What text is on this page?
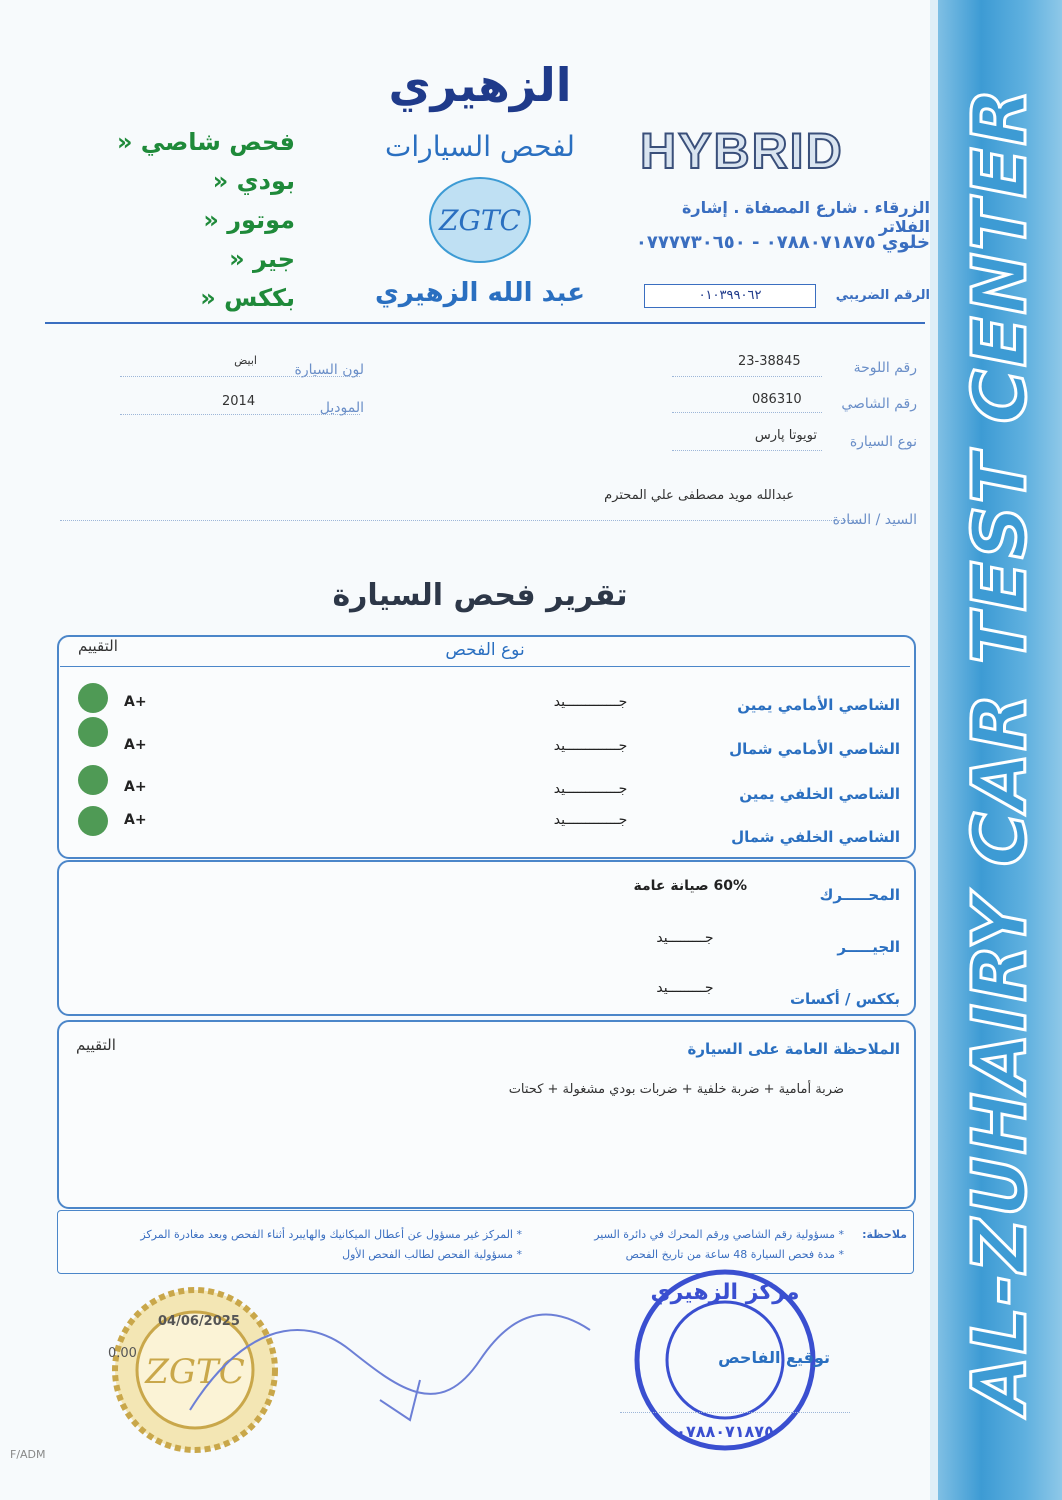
AL-ZUHAIRY CAR TEST CENTER
الزهيري
لفحص السيارات
ZGTC
عبد الله الزهيري
فحص شاصي «
بودي «
موتور «
جير «
بككس «
HYBRID
الزرقاء . شارع المصفاة . إشارة الفلاتر
خلوي ٠٧٨٨٠٧١٨٧٥ - ٠٧٧٧٧٣٠٦٥٠
الرقم الضريبي
٠١٠٣٩٩٠٦٢
رقم اللوحة
23-38845
رقم الشاصي
086310
نوع السيارة
تويوتا پارس
لون السيارة
ابيض
الموديل
2014
السيد / السادة
عبدالله مويد مصطفى علي المحترم
تقرير فحص السيارة
نوع الفحص
التقييم
الشاصي الأمامي يمين
جـــــــــــــيد
A+
الشاصي الأمامي شمال
جـــــــــــــيد
A+
الشاصي الخلفي يمين
جـــــــــــــيد
A+
الشاصي الخلفي شمال
جـــــــــــــيد
A+
المحـــــرك
60% صيانة عامة
الجيـــــر
جـــــــــيد
بككس / أكسات
جـــــــــيد
الملاحظة العامة على السيارة
التقييم
ضربة أمامية + ضربة خلفية + ضربات بودي مشغولة + كحتات
ملاحظة:
* مسؤولية رقم الشاصي ورقم المحرك في دائرة السير
* مدة فحص السيارة 48 ساعة من تاريخ الفحص
* المركز غير مسؤول عن أعطال الميكانيك والهايبرد أثناء الفحص وبعد مغادرة المركز
* مسؤولية الفحص لطالب الفحص الأول
ZGTC
04/06/2025
0.00
مركز الزهيري
٠٧٨٨٠٧١٨٧٥
توقيع الفاحص
F/ADM
